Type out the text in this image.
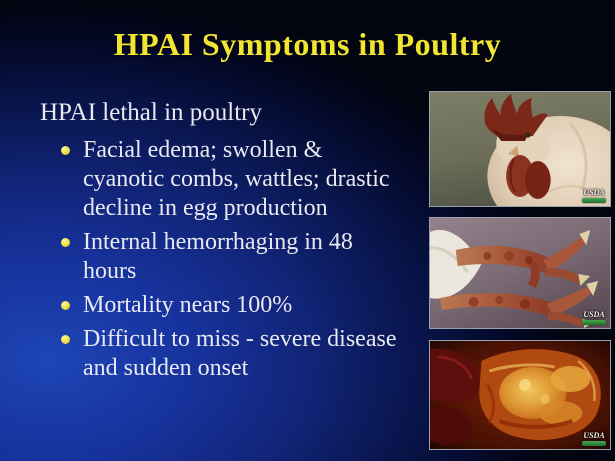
HPAI Symptoms in Poultry

HPAI lethal in poultry

Facial edema; swollen &
cyanotic combs, wattles; drastic
decline in egg production
Internal hemorrhaging in 48
hours
Mortality nears 100%
Difficult to miss - severe disease
and sudden onset
USDA
USDA
USDA
